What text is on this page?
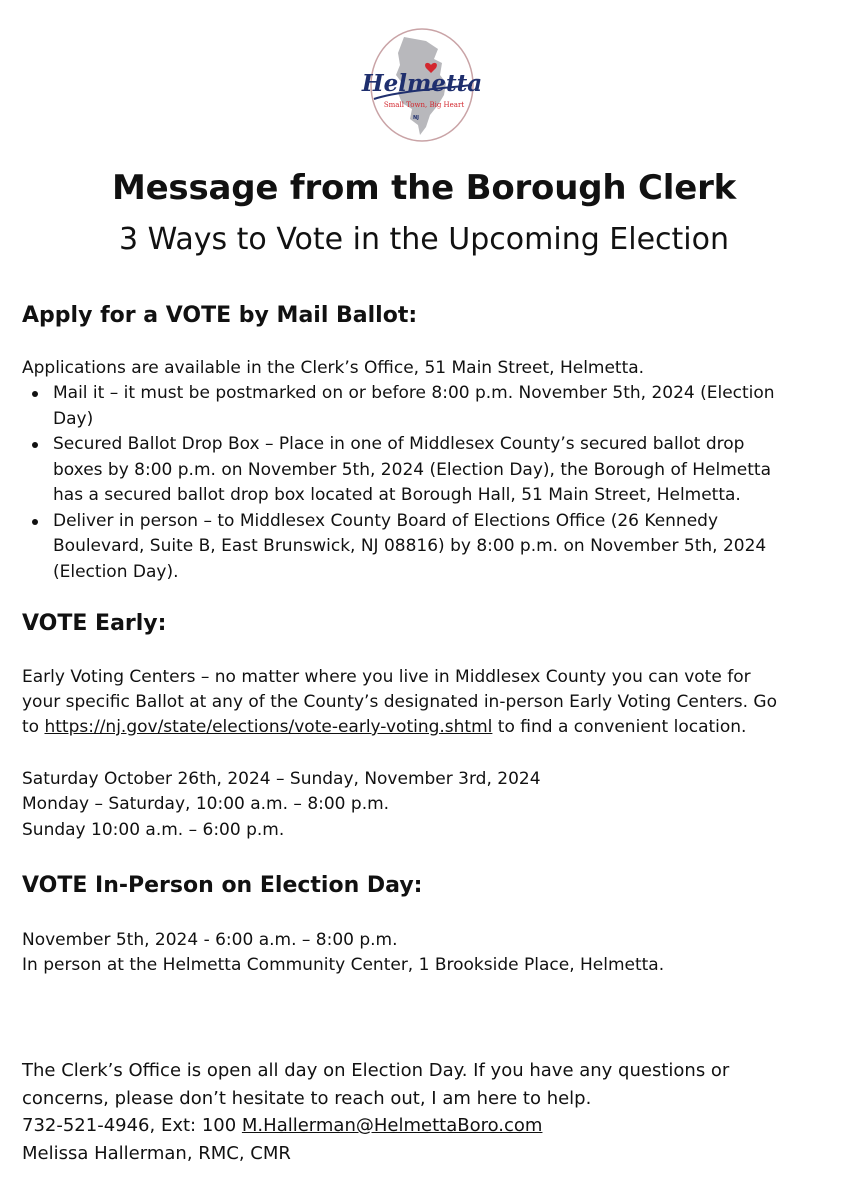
Helmetta
Small Town, Big Heart
NJ
Message from the Borough Clerk
3 Ways to Vote in the Upcoming Election
Apply for a VOTE by Mail Ballot:
Applications are available in the Clerk’s Office, 51 Main Street, Helmetta.
Mail it – it must be postmarked on or before 8:00 p.m. November 5th, 2024 (Election
Day)
Secured Ballot Drop Box – Place in one of Middlesex County’s secured ballot drop
boxes by 8:00 p.m. on November 5th, 2024 (Election Day), the Borough of Helmetta
has a secured ballot drop box located at Borough Hall, 51 Main Street, Helmetta.
Deliver in person – to Middlesex County Board of Elections Office (26 Kennedy
Boulevard, Suite B, East Brunswick, NJ 08816) by 8:00 p.m. on November 5th, 2024
(Election Day).
VOTE Early:
Early Voting Centers – no matter where you live in Middlesex County you can vote for
your specific Ballot at any of the County’s designated in-person Early Voting Centers. Go
to https://nj.gov/state/elections/vote-early-voting.shtml to find a convenient location.
Saturday October 26th, 2024 – Sunday, November 3rd, 2024
Monday – Saturday, 10:00 a.m. – 8:00 p.m.
Sunday 10:00 a.m. – 6:00 p.m.
VOTE In-Person on Election Day:
November 5th, 2024 - 6:00 a.m. – 8:00 p.m.
In person at the Helmetta Community Center, 1 Brookside Place, Helmetta.
The Clerk’s Office is open all day on Election Day. If you have any questions or
concerns, please don’t hesitate to reach out, I am here to help.
732-521-4946, Ext: 100 M.Hallerman@HelmettaBoro.com
Melissa Hallerman, RMC, CMR
